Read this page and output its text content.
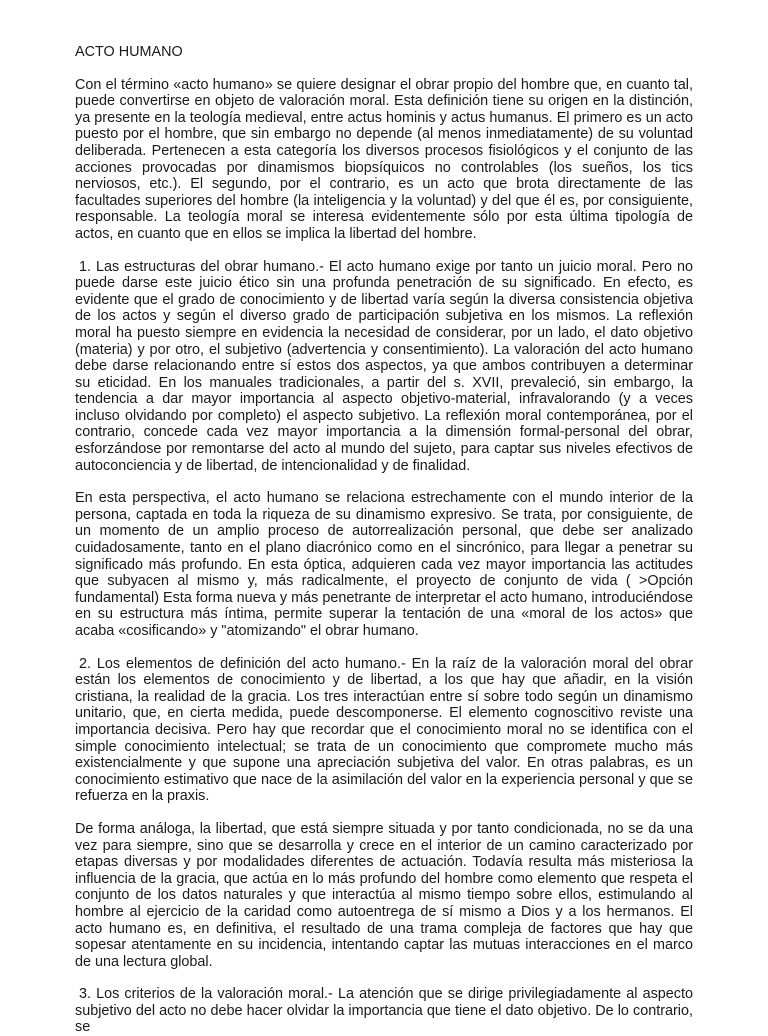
ACTO HUMANO

Con el término «acto humano» se quiere designar el obrar propio del hombre que, en cuanto tal, puede convertirse en objeto de valoración moral. Esta definición tiene su origen en la distinción, ya presente en la teología medieval, entre actus hominis y actus humanus. El primero es un acto puesto por el hombre, que sin embargo no depende (al menos inmediatamente) de su voluntad deliberada. Pertenecen a esta categoría los diversos procesos fisiológicos y el conjunto de las acciones provocadas por dinamismos biopsíquicos no controlables (los sueños, los tics nerviosos, etc.). El segundo, por el contrario, es un acto que brota directamente de las facultades superiores del hombre (la inteligencia y la voluntad) y del que él es, por consiguiente, responsable. La teología moral se interesa evidentemente sólo por esta última tipología de actos, en cuanto que en ellos se implica la libertad del hombre.

1. Las estructuras del obrar humano.- El acto humano exige por tanto un juicio moral. Pero no puede darse este juicio ético sin una profunda penetración de su significado. En efecto, es evidente que el grado de conocimiento y de libertad varía según la diversa consistencia objetiva de los actos y según el diverso grado de participación subjetiva en los mismos. La reflexión moral ha puesto siempre en evidencia la necesidad de considerar, por un lado, el dato objetivo (materia) y por otro, el subjetivo (advertencia y consentimiento). La valoración del acto humano debe darse relacionando entre sí estos dos aspectos, ya que ambos contribuyen a determinar su eticidad. En los manuales tradicionales, a partir del s. XVII, prevaleció, sin embargo, la tendencia a dar mayor importancia al aspecto objetivo-material, infravalorando (y a veces incluso olvidando por completo) el aspecto subjetivo. La reflexión moral contemporánea, por el contrario, concede cada vez mayor importancia a la dimensión formal-personal del obrar, esforzándose por remontarse del acto al mundo del sujeto, para captar sus niveles efectivos de autoconciencia y de libertad, de intencionalidad y de finalidad.

En esta perspectiva, el acto humano se relaciona estrechamente con el mundo interior de la persona, captada en toda la riqueza de su dinamismo expresivo. Se trata, por consiguiente, de un momento de un amplio proceso de autorrealización personal, que debe ser analizado cuidadosamente, tanto en el plano diacrónico como en el sincrónico, para llegar a penetrar su significado más profundo. En esta óptica, adquieren cada vez mayor importancia las actitudes que subyacen al mismo y, más radicalmente, el proyecto de conjunto de vida ( >Opción fundamental) Esta forma nueva y más penetrante de interpretar el acto humano, introduciéndose en su estructura más íntima, permite superar la tentación de una «moral de los actos» que acaba «cosificando» y "atomizando" el obrar humano.

2. Los elementos de definición del acto humano.- En la raíz de la valoración moral del obrar están los elementos de conocimiento y de libertad, a los que hay que añadir, en la visión cristiana, la realidad de la gracia. Los tres interactúan entre sí sobre todo según un dinamismo unitario, que, en cierta medida, puede descomponerse. El elemento cognoscitivo reviste una importancia decisiva. Pero hay que recordar que el conocimiento moral no se identifica con el simple conocimiento intelectual; se trata de un conocimiento que compromete mucho más existencialmente y que supone una apreciación subjetiva del valor. En otras palabras, es un conocimiento estimativo que nace de la asimilación del valor en la experiencia personal y que se refuerza en la praxis.

De forma análoga, la libertad, que está siempre situada y por tanto condicionada, no se da una vez para siempre, sino que se desarrolla y crece en el interior de un camino caracterizado por etapas diversas y por modalidades diferentes de actuación. Todavía resulta más misteriosa la influencia de la gracia, que actúa en lo más profundo del hombre como elemento que respeta el conjunto de los datos naturales y que interactúa al mismo tiempo sobre ellos, estimulando al hombre al ejercicio de la caridad como autoentrega de sí mismo a Dios y a los hermanos. El acto humano es, en definitiva, el resultado de una trama compleja de factores que hay que sopesar atentamente en su incidencia, intentando captar las mutuas interacciones en el marco de una lectura global.

3. Los criterios de la valoración moral.- La atención que se dirige privilegiadamente al aspecto subjetivo del acto no debe hacer olvidar la importancia que tiene el dato objetivo. De lo contrario, se
